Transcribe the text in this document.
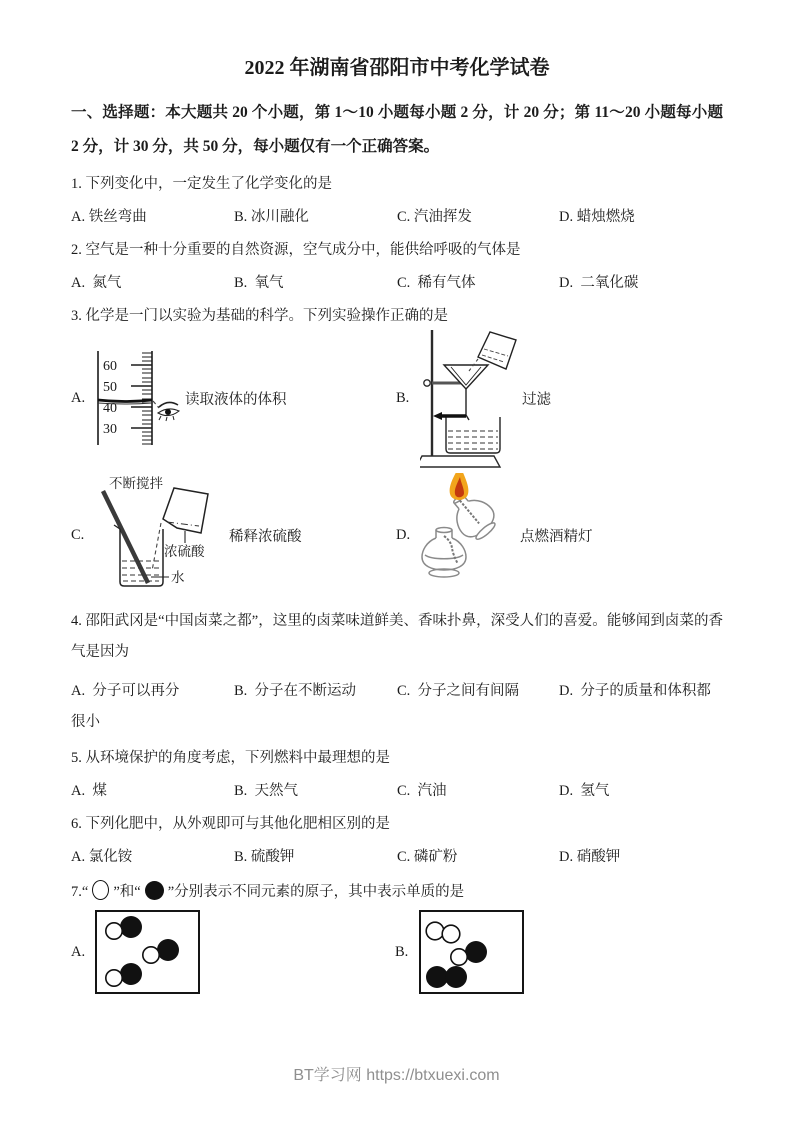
2022 年湖南省邵阳市中考化学试卷

一、选择题：本大题共 20 个小题，第 1～10 小题每小题 2 分，计 20 分；第 11～20 小题每小题 2 分，计 30 分，共 50 分，每小题仅有一个正确答案。

1. 下列变化中，一定发生了化学变化的是

A. 铁丝弯曲	B. 冰川融化	C. 汽油挥发	D. 蜡烛燃烧

2. 空气是一种十分重要的自然资源，空气成分中，能供给呼吸的气体是

A.  氮气	B.  氧气	C.  稀有气体	D.  二氧化碳

3. 化学是一门以实验为基础的科学。下列实验操作正确的是

A.
60
50
40
30
读取液体的体积	B.	过滤
C.
不断搅拌
浓硫酸
水
稀释浓硫酸	D.	点燃酒精灯

4. 邵阳武冈是“中国卤菜之都”，这里的卤菜味道鲜美、香味扑鼻，深受人们的喜爱。能够闻到卤菜的香气是因为

A.  分子可以再分	B.  分子在不断运动	C.  分子之间有间隔	D.  分子的质量和体积都很小

5. 从环境保护的角度考虑，下列燃料中最理想的是

A.  煤	B.  天然气	C.  汽油	D.  氢气

6. 下列化肥中，从外观即可与其他化肥相区别的是

A. 氯化铵	B. 硫酸钾	C. 磷矿粉	D. 硝酸钾

7.“ ”和“ ”分别表示不同元素的原子，其中表示单质的是

A.	B.
BT学习网 https://btxuexi.com
